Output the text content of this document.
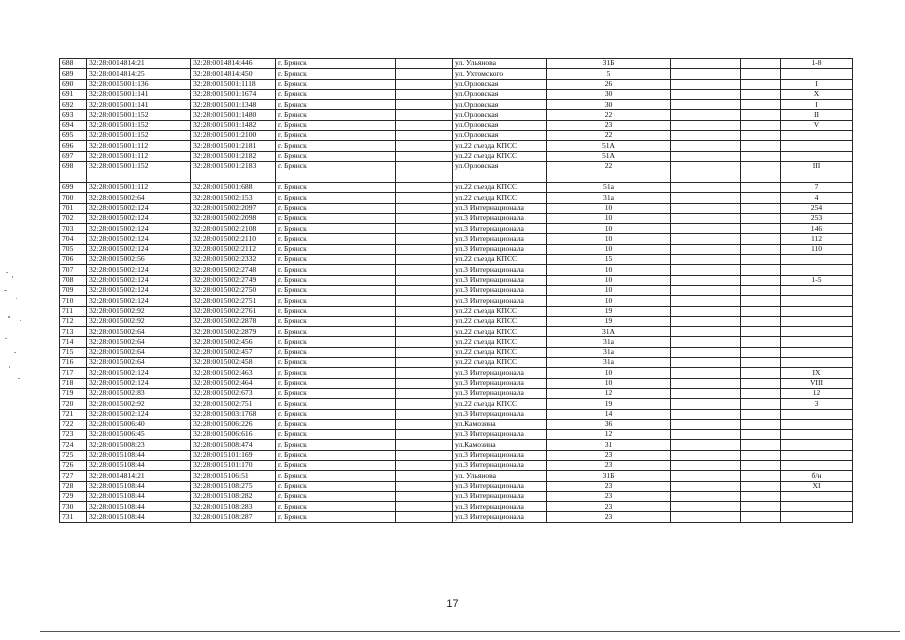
688	32:28:0014814:21	32:28:0014814:446	г. Брянск		ул. Ульянова	31Б			1-8
689	32:28:0014814:25	32:28:0014814:450	г. Брянск		ул. Ухтомского	5			
690	32:28:0015001:136	32:28:0015001:1118	г. Брянск		ул.Орловская	26			I
691	32:28:0015001:141	32:28:0015001:1674	г. Брянск		ул.Орловская	30			X
692	32:28:0015001:141	32:28:0015001:1348	г. Брянск		ул.Орловская	30			I
693	32:28:0015001:152	32:28:0015001:1480	г. Брянск		ул.Орловская	22			II
694	32:28:0015001:152	32:28:0015001:1482	г. Брянск		ул.Орловская	23			V
695	32:28:0015001:152	32:28:0015001:2100	г. Брянск		ул.Орловская	22			
696	32:28:0015001:112	32:28:0015001:2181	г. Брянск		ул.22 съезда КПСС	51А			
697	32:28:0015001:112	32:28:0015001:2182	г. Брянск		ул.22 съезда КПСС	51А			
698	32:28:0015001:152	32:28:0015001:2183	г. Брянск		ул.Орловская	22			III
699	32:28:0015001:112	32:28:0015001:688	г. Брянск		ул.22 съезда КПСС	51а			7
700	32:28:0015002:64	32:28:0015002:153	г. Брянск		ул.22 съезда КПСС	31а			4
701	32:28:0015002:124	32:28:0015002:2097	г. Брянск		ул.3 Интернационала	10			254
702	32:28:0015002:124	32:28:0015002:2098	г. Брянск		ул.3 Интернационала	10			253
703	32:28:0015002:124	32:28:0015002:2108	г. Брянск		ул.3 Интернационала	10			146
704	32:28:0015002:124	32:28:0015002:2110	г. Брянск		ул.3 Интернационала	10			112
705	32:28:0015002:124	32:28:0015002:2112	г. Брянск		ул.3 Интернационала	10			110
706	32:28:0015002:56	32:28:0015002:2332	г. Брянск		ул.22 съезда КПСС	15			
707	32:28:0015002:124	32:28:0015002:2748	г. Брянск		ул.3 Интернационала	10			
708	32:28:0015002:124	32:28:0015002:2749	г. Брянск		ул.3 Интернационала	10			1-5
709	32:28:0015002:124	32:28:0015002:2750	г. Брянск		ул.3 Интернационала	10			
710	32:28:0015002:124	32:28:0015002:2751	г. Брянск		ул.3 Интернационала	10			
711	32:28:0015002:92	32:28:0015002:2761	г. Брянск		ул.22 съезда КПСС	19			
712	32:28:0015002:92	32:28:0015002:2878	г. Брянск		ул.22 съезда КПСС	19			
713	32:28:0015002:64	32:28:0015002:2879	г. Брянск		ул.22 съезда КПСС	31А			
714	32:28:0015002:64	32:28:0015002:456	г. Брянск		ул.22 съезда КПСС	31а			
715	32:28:0015002:64	32:28:0015002:457	г. Брянск		ул.22 съезда КПСС	31а			
716	32:28:0015002:64	32:28:0015002:458	г. Брянск		ул.22 съезда КПСС	31а			
717	32:28:0015002:124	32:28:0015002:463	г. Брянск		ул.3 Интернационала	10			IX
718	32:28:0015002:124	32:28:0015002:464	г. Брянск		ул.3 Интернационала	10			VIII
719	32:28:0015002:83	32:28:0015002:673	г. Брянск		ул.3 Интернационала	12			12
720	32:28:0015002:92	32:28:0015002:751	г. Брянск		ул.22 съезда КПСС	19			3
721	32:28:0015002:124	32:28:0015003:1768	г. Брянск		ул.3 Интернационала	14			
722	32:28:0015006:40	32:28:0015006:226	г. Брянск		ул.Камозина	36			
723	32:28:0015006:45	32:28:0015006:616	г. Брянск		ул.3 Интернационала	12			
724	32:28:0015008:23	32:28:0015008:474	г. Брянск		ул.Камозина	31			
725	32:28:0015108:44	32:28:0015101:169	г. Брянск		ул.3 Интернационала	23			
726	32:28:0015108:44	32:28:0015101:170	г. Брянск		ул.3 Интернационала	23			
727	32:28:0014814:21	32:28:0015106:51	г. Брянск		ул. Ульянова	31Б			б/н
728	32:28:0015108:44	32:28:0015108:275	г. Брянск		ул.3 Интернационала	23			XI
729	32:28:0015108:44	32:28:0015108:282	г. Брянск		ул.3 Интернационала	23			
730	32:28:0015108:44	32:28:0015108:283	г. Брянск		ул.3 Интернационала	23			
731	32:28:0015108:44	32:28:0015108:287	г. Брянск		ул.3 Интернационала	23			
17
